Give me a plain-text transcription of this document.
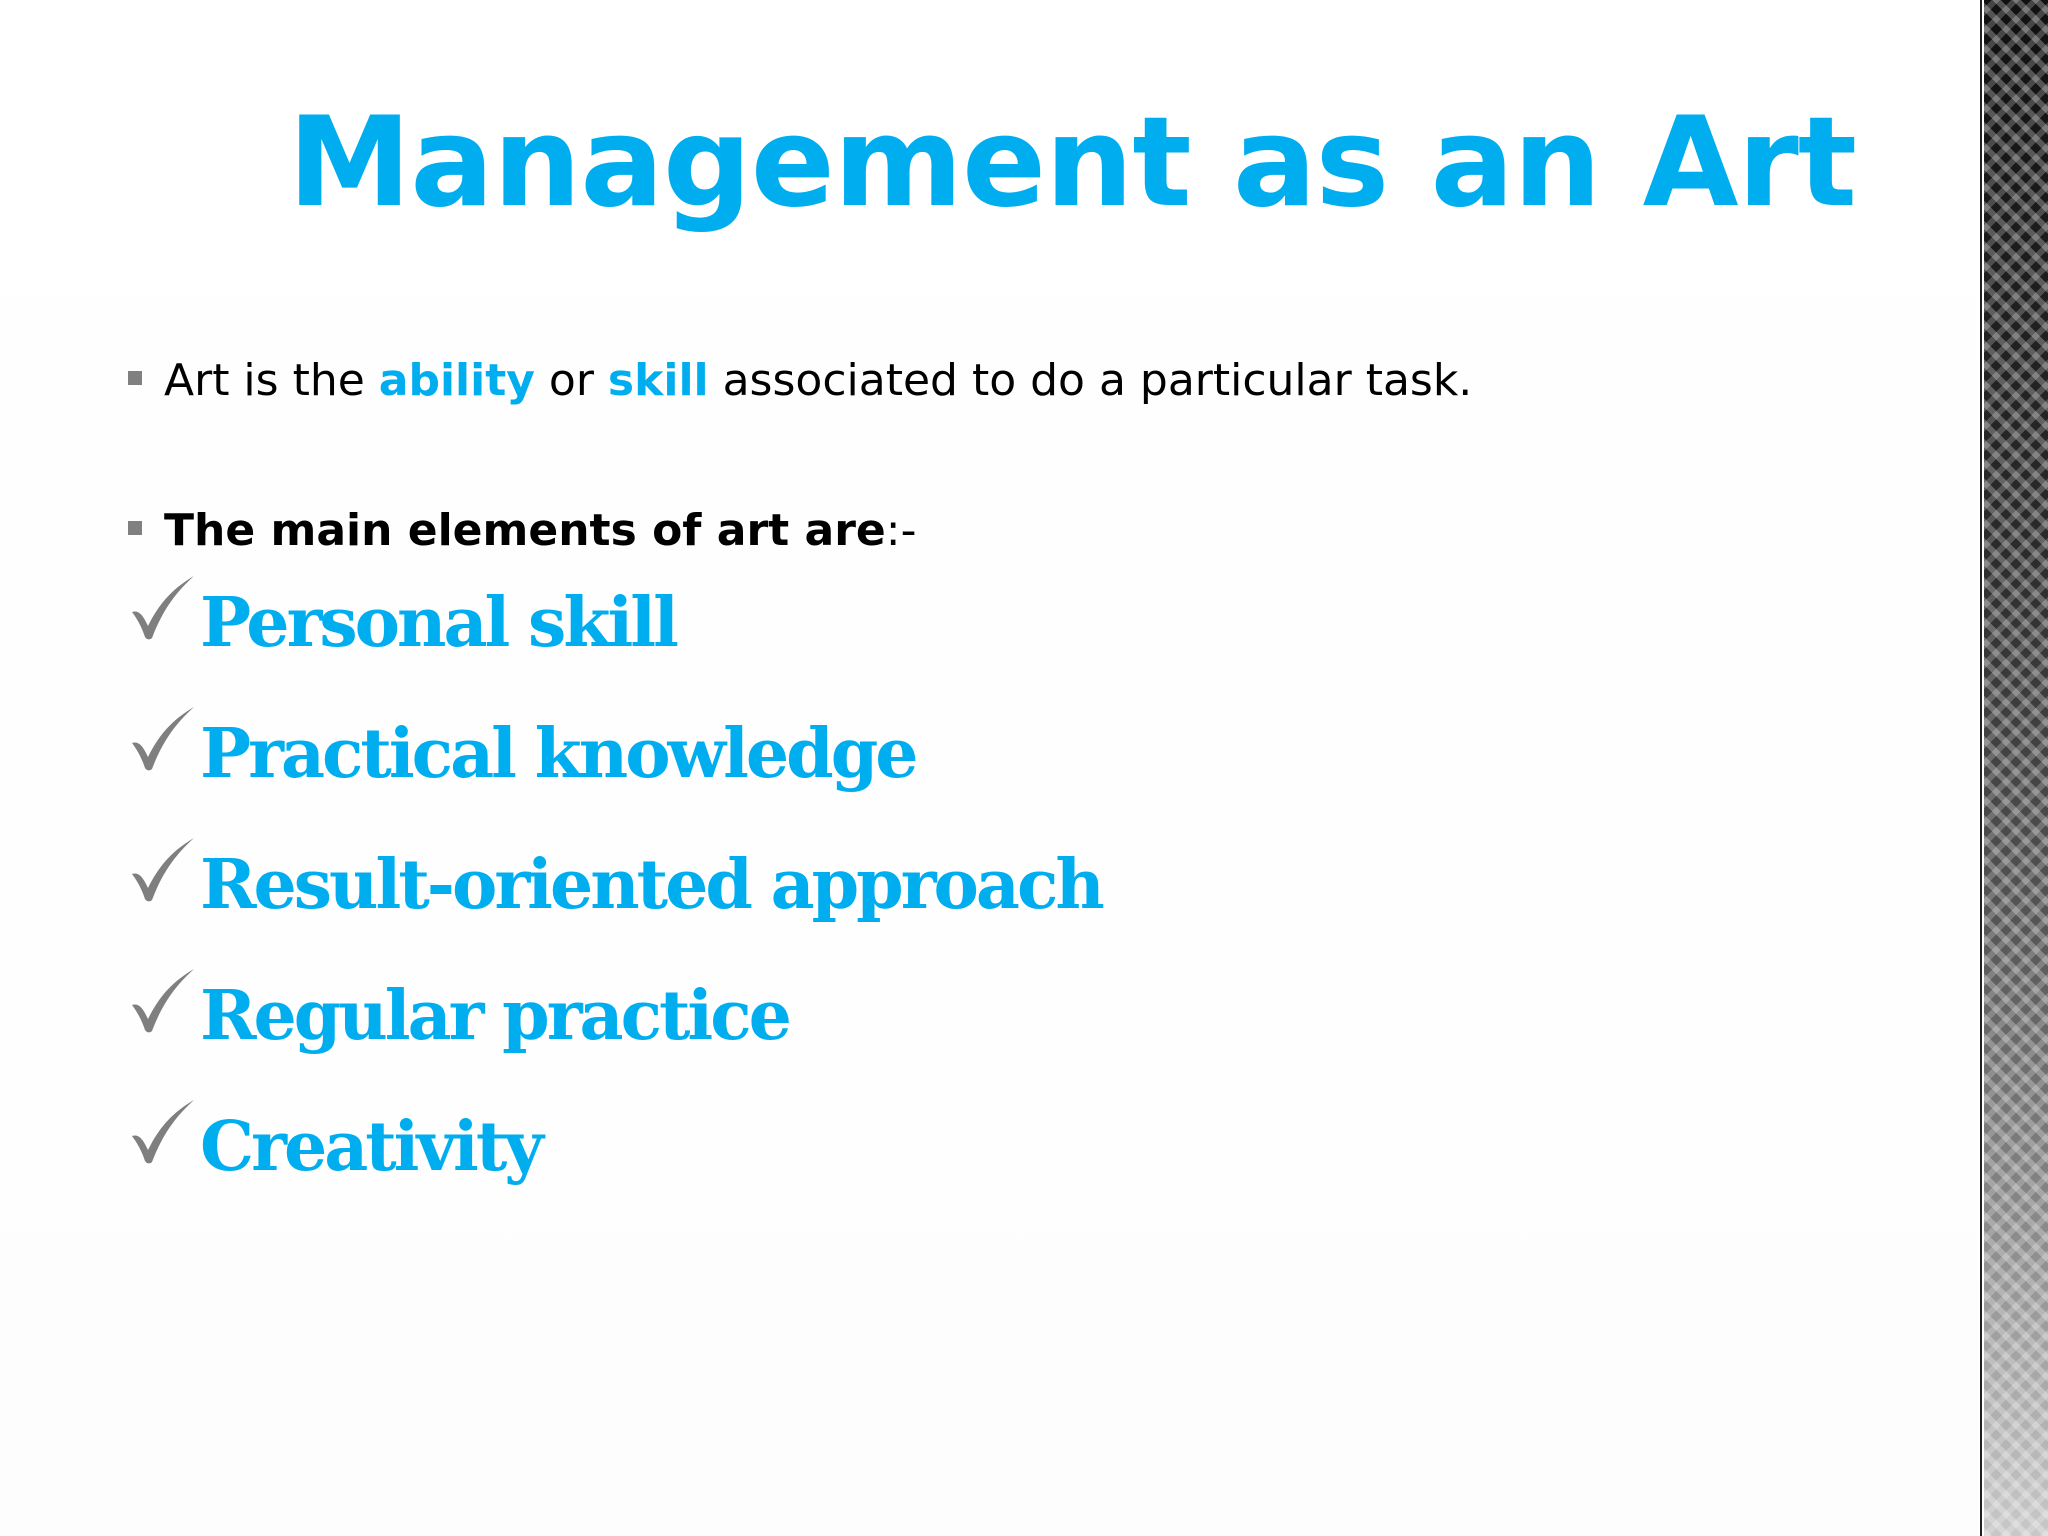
Management as an Art
Art is the ability or skill associated to do a particular task.
The main elements of art are:-
Personal skill
Practical knowledge
Result-oriented approach
Regular practice
Creativity
